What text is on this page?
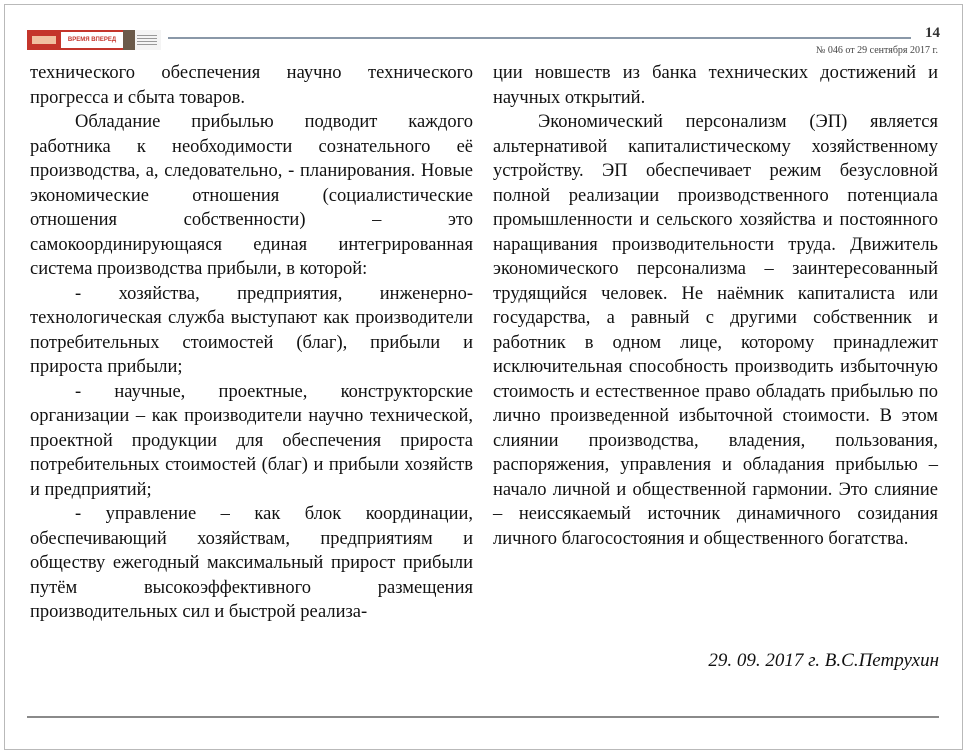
ВРЕМЯ ВПЕРЕД	14
№ 046 от 29 сентября 2017 г.

технического обеспечения научно технического прогресса и сбыта товаров.

Обладание прибылью подводит каждого работника к необходимости сознательного её производства, а, следовательно, - планирования. Новые экономические отношения (социалистические отношения собственности) – это самокоординирующаяся единая интегрированная система производства прибыли, в которой:

- хозяйства, предприятия, инженерно-технологическая служба выступают как производители потребительных стоимостей (благ), прибыли и прироста прибыли;

- научные, проектные, конструкторские организации – как производители научно технической, проектной продукции для обеспечения прироста потребительных стоимостей (благ) и прибыли хозяйств и предприятий;

- управление – как блок координации, обеспечивающий хозяйствам, предприятиям и обществу ежегодный максимальный прирост прибыли путём высокоэффективного размещения производительных сил и быстрой реализа-

ции новшеств из банка технических достижений и научных открытий.

Экономический персонализм (ЭП) является альтернативой капиталистическому хозяйственному устройству. ЭП обеспечивает режим безусловной полной реализации производственного потенциала промышленности и сельского хозяйства и постоянного наращивания производительности труда. Движитель экономического персонализма – заинтересованный трудящийся человек. Не наёмник капиталиста или государства, а равный с другими собственник и работник в одном лице, которому принадлежит исключительная способность производить избыточную стоимость и естественное право обладать прибылью по лично произведенной избыточной стоимости. В этом слиянии производства, владения, пользования, распоряжения, управления и обладания прибылью – начало личной и общественной гармонии. Это слияние – неиссякаемый источник динамичного созидания личного благосостояния и общественного богатства.

29. 09. 2017 г. В.С.Петрухин
